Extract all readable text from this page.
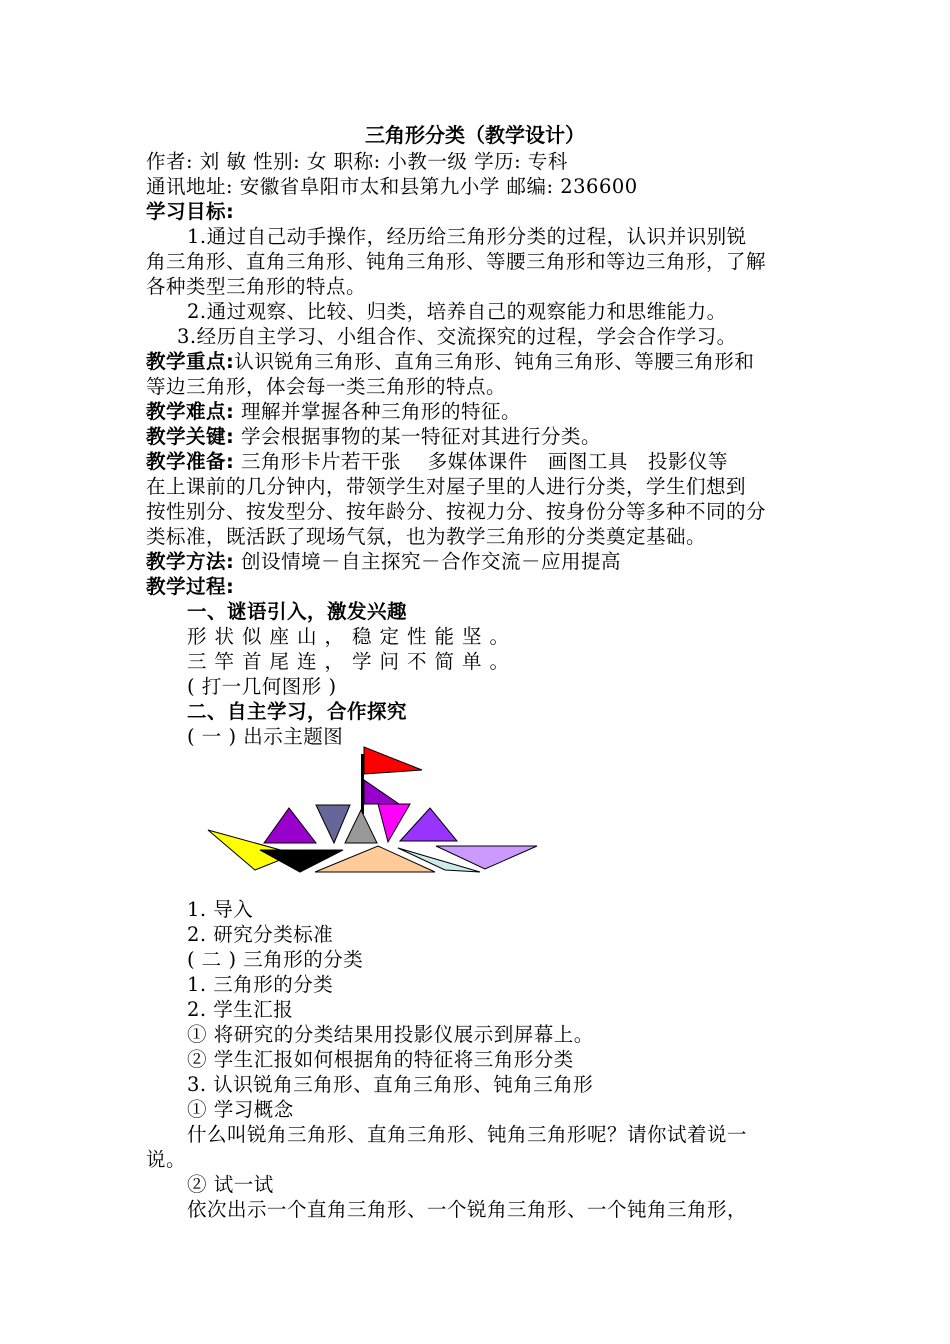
三角形分类（教学设计）
作者: 刘 敏 性别: 女 职称: 小教一级 学历: 专科
通讯地址: 安徽省阜阳市太和县第九小学 邮编: 236600
学习目标:
1.通过自己动手操作，经历给三角形分类的过程，认识并识别锐
角三角形、直角三角形、钝角三角形、等腰三角形和等边三角形，了解
各种类型三角形的特点。
2.通过观察、比较、归类，培养自己的观察能力和思维能力。
3.经历自主学习、小组合作、交流探究的过程，学会合作学习。
教学重点:认识锐角三角形、直角三角形、钝角三角形、等腰三角形和
等边三角形，体会每一类三角形的特点。
教学难点: 理解并掌握各种三角形的特征。
教学关键: 学会根据事物的某一特征对其进行分类。
教学准备: 三角形卡片若干张    多媒体课件   画图工具   投影仪等
在上课前的几分钟内，带领学生对屋子里的人进行分类，学生们想到
按性别分、按发型分、按年龄分、按视力分、按身份分等多种不同的分
类标准，既活跃了现场气氛，也为教学三角形的分类奠定基础。
教学方法: 创设情境－自主探究－合作交流－应用提高
教学过程:
一、谜语引入，激发兴趣
形状似座山，稳定性能坚。
三竿首尾连，学问不简单。
( 打一几何图形 )
二、自主学习，合作探究
( 一 ) 出示主题图
1. 导入
2. 研究分类标准
( 二 ) 三角形的分类
1. 三角形的分类
2. 学生汇报
① 将研究的分类结果用投影仪展示到屏幕上。
② 学生汇报如何根据角的特征将三角形分类
3. 认识锐角三角形、直角三角形、钝角三角形
① 学习概念
什么叫锐角三角形、直角三角形、钝角三角形呢？请你试着说一
说。
② 试一试
依次出示一个直角三角形、一个锐角三角形、一个钝角三角形，
